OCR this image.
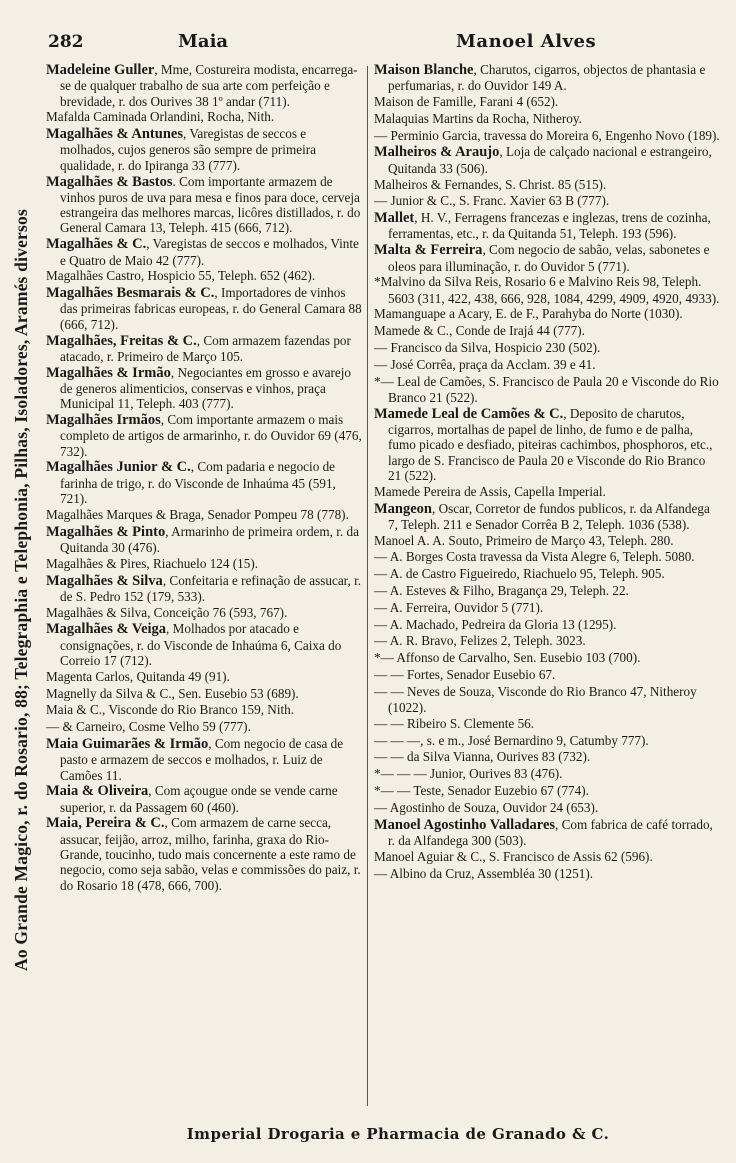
Ao Grande Magico, r. do Rosario, 88; Telegraphia e Telephonia, Pilhas, Isoladores, Aramés diversos
282	Maia	Manoel Alves

Madeleine Guller, Mme, Costureira modista, encarrega-se de qualquer trabalho de sua arte com perfeição e brevidade, r. dos Ourives 38 1º andar (711).

Mafalda Caminada Orlandini, Rocha, Nith.

Magalhães & Antunes, Varegistas de seccos e molhados, cujos generos são sempre de primeira qualidade, r. do Ipiranga 33 (777).

Magalhães & Bastos. Com importante armazem de vinhos puros de uva para mesa e finos para doce, cerveja estrangeira das melhores marcas, licôres distillados, r. do General Camara 13, Teleph. 415 (666, 712).

Magalhães & C., Varegistas de seccos e molhados, Vinte e Quatro de Maio 42 (777).

Magalhães Castro, Hospicio 55, Teleph. 652 (462).

Magalhães Besmarais & C., Importadores de vinhos das primeiras fabricas europeas, r. do General Camara 88 (666, 712).

Magalhães, Freitas & C., Com armazem fazendas por atacado, r. Primeiro de Março 105.

Magalhães & Irmão, Negociantes em grosso e avarejo de generos alimenticios, conservas e vinhos, praça Municipal 11, Teleph. 403 (777).

Magalhães Irmãos, Com importante armazem o mais completo de artigos de armarinho, r. do Ouvidor 69 (476, 732).

Magalhães Junior & C., Com padaria e negocio de farinha de trigo, r. do Visconde de Inhaúma 45 (591, 721).

Magalhães Marques & Braga, Senador Pompeu 78 (778).

Magalhães & Pinto, Armarinho de primeira ordem, r. da Quitanda 30 (476).

Magalhães & Pires, Riachuelo 124 (15).

Magalhães & Silva, Confeitaria e refinação de assucar, r. de S. Pedro 152 (179, 533).

Magalhães & Silva, Conceição 76 (593, 767).

Magalhães & Veiga, Molhados por atacado e consignações, r. do Visconde de Inhaúma 6, Caixa do Correio 17 (712).

Magenta Carlos, Quitanda 49 (91).

Magnelly da Silva & C., Sen. Eusebio 53 (689).

Maia & C., Visconde do Rio Branco 159, Nith.

— & Carneiro, Cosme Velho 59 (777).

Maia Guimarães & Irmão, Com negocio de casa de pasto e armazem de seccos e molhados, r. Luiz de Camões 11.

Maia & Oliveira, Com açougue onde se vende carne superior, r. da Passagem 60 (460).

Maia, Pereira & C., Com armazem de carne secca, assucar, feijão, arroz, milho, farinha, graxa do Rio-Grande, toucinho, tudo mais concernente a este ramo de negocio, como seja sabão, velas e commissões do paiz, r. do Rosario 18 (478, 666, 700).

Maison Blanche, Charutos, cigarros, objectos de phantasia e perfumarias, r. do Ouvidor 149 A.

Maison de Famille, Farani 4 (652).

Malaquias Martins da Rocha, Nitheroy.

— Perminio Garcia, travessa do Moreira 6, Engenho Novo (189).

Malheiros & Araujo, Loja de calçado nacional e estrangeiro, Quitanda 33 (506).

Malheiros & Fernandes, S. Christ. 85 (515).

— Junior & C., S. Franc. Xavier 63 B (777).

Mallet, H. V., Ferragens francezas e inglezas, trens de cozinha, ferramentas, etc., r. da Quitanda 51, Teleph. 193 (596).

Malta & Ferreira, Com negocio de sabão, velas, sabonetes e oleos para illuminação, r. do Ouvidor 5 (771).

*Malvino da Silva Reis, Rosario 6 e Malvino Reis 98, Teleph. 5603 (311, 422, 438, 666, 928, 1084, 4299, 4909, 4920, 4933).

Mamanguape a Acary, E. de F., Parahyba do Norte (1030).

Mamede & C., Conde de Irajá 44 (777).

— Francisco da Silva, Hospicio 230 (502).

— José Corrêa, praça da Acclam. 39 e 41.

*— Leal de Camões, S. Francisco de Paula 20 e Visconde do Rio Branco 21 (522).

Mamede Leal de Camões & C., Deposito de charutos, cigarros, mortalhas de papel de linho, de fumo e de palha, fumo picado e desfiado, piteiras cachimbos, phosphoros, etc., largo de S. Francisco de Paula 20 e Visconde do Rio Branco 21 (522).

Mamede Pereira de Assis, Capella Imperial.

Mangeon, Oscar, Corretor de fundos publicos, r. da Alfandega 7, Teleph. 211 e Senador Corrêa B 2, Teleph. 1036 (538).

Manoel A. A. Souto, Primeiro de Março 43, Teleph. 280.

— A. Borges Costa travessa da Vista Alegre 6, Teleph. 5080.

— A. de Castro Figueiredo, Riachuelo 95, Teleph. 905.

— A. Esteves & Filho, Bragança 29, Teleph. 22.

— A. Ferreira, Ouvidor 5 (771).

— A. Machado, Pedreira da Gloria 13 (1295).

— A. R. Bravo, Felizes 2, Teleph. 3023.

*— Affonso de Carvalho, Sen. Eusebio 103 (700).

— — Fortes, Senador Eusebio 67.

— — Neves de Souza, Visconde do Rio Branco 47, Nitheroy (1022).

— — Ribeiro S. Clemente 56.

— — —, s. e m., José Bernardino 9, Catumby 777).

— — da Silva Vianna, Ourives 83 (732).

*— — — Junior, Ourives 83 (476).

*— — Teste, Senador Euzebio 67 (774).

— Agostinho de Souza, Ouvidor 24 (653).

Manoel Agostinho Valladares, Com fabrica de café torrado, r. da Alfandega 300 (503).

Manoel Aguiar & C., S. Francisco de Assis 62 (596).

— Albino da Cruz, Assembléa 30 (1251).

Imperial Drogaria e Pharmacia de Granado & C.
